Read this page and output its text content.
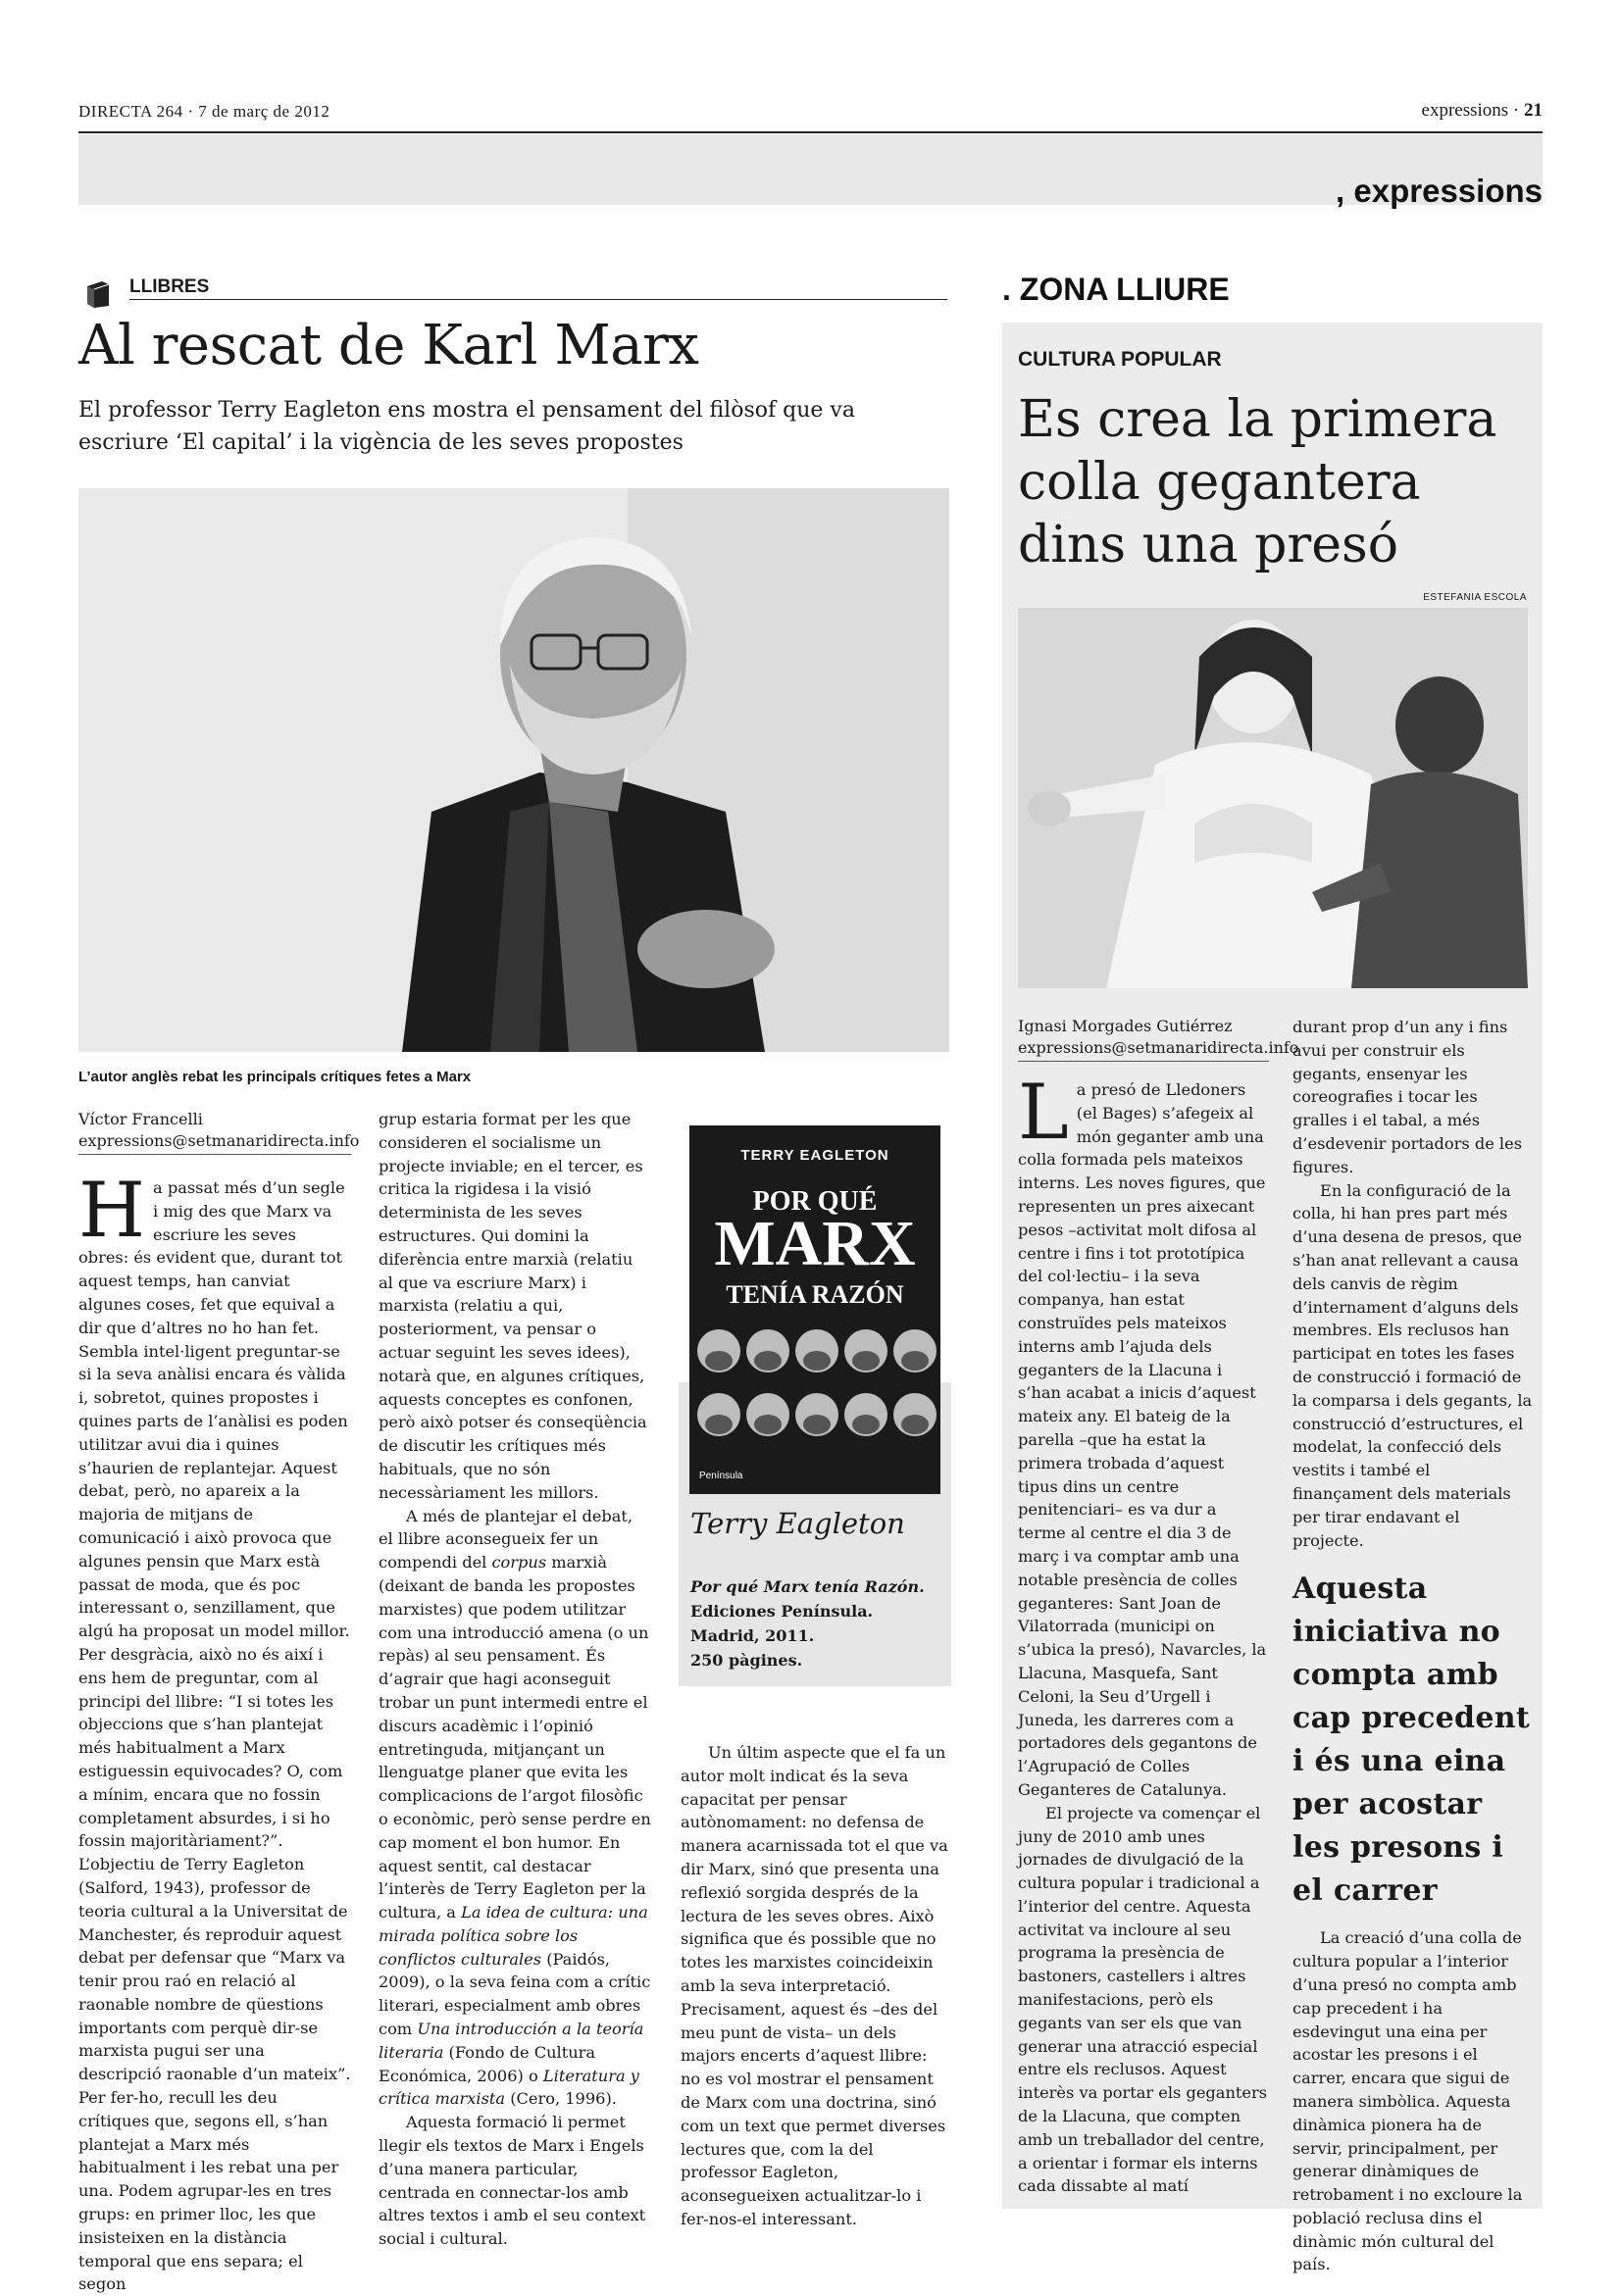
DIRECTA 264 · 7 de març de 2012	expressions · 21
, expressions
LLIBRES
Al rescat de Karl Marx
El professor Terry Eagleton ens mostra el pensament del filòsof que va escriure ‘El capital’ i la vigència de les seves propostes
L’autor anglès rebat les principals crítiques fetes a Marx
Víctor Francelli
expressions@setmanaridirecta.info

Ha passat més d’un segle i mig des que Marx va escriure les seves obres: és evident que, durant tot aquest temps, han canviat algunes coses, fet que equival a dir que d’altres no ho han fet. Sembla intel·ligent preguntar-se si la seva anàlisi encara és vàlida i, sobretot, quines propostes i quines parts de l’anàlisi es poden utilitzar avui dia i quines s’haurien de replantejar. Aquest debat, però, no apareix a la majoria de mitjans de comunicació i això provoca que algunes pensin que Marx està passat de moda, que és poc interessant o, senzillament, que algú ha proposat un model millor. Per desgràcia, això no és així i ens hem de preguntar, com al principi del llibre: “I si totes les objeccions que s’han plantejat més habitualment a Marx estiguessin equivocades? O, com a mínim, encara que no fossin completament absurdes, i si ho fossin majoritàriament?”. L’objectiu de Terry Eagleton (Salford, 1943), professor de teoria cultural a la Universitat de Manchester, és reproduir aquest debat per defensar que “Marx va tenir prou raó en relació al raonable nombre de qüestions importants com perquè dir-se marxista pugui ser una descripció raonable d’un mateix”. Per fer-ho, recull les deu crítiques que, segons ell, s’han plantejat a Marx més habitualment i les rebat una per una. Podem agrupar-les en tres grups: en primer lloc, les que insisteixen en la distància temporal que ens separa; el segon

grup estaria format per les que consideren el socialisme un projecte inviable; en el tercer, es critica la rigidesa i la visió determinista de les seves estructures. Qui domini la diferència entre marxià (relatiu al que va escriure Marx) i marxista (relatiu a qui, posteriorment, va pensar o actuar seguint les seves idees), notarà que, en algunes crítiques, aquests conceptes es confonen, però això potser és conseqüència de discutir les crítiques més habituals, que no són necessàriament les millors.

A més de plantejar el debat, el llibre aconsegueix fer un compendi del corpus marxià (deixant de banda les propostes marxistes) que podem utilitzar com una introducció amena (o un repàs) al seu pensament. És d’agrair que hagi aconseguit trobar un punt intermedi entre el discurs acadèmic i l’opinió entretinguda, mitjançant un llenguatge planer que evita les complicacions de l’argot filosòfic o econòmic, però sense perdre en cap moment el bon humor. En aquest sentit, cal destacar l’interès de Terry Eagleton per la cultura, a La idea de cultura: una mirada política sobre los conflictos culturales (Paidós, 2009), o la seva feina com a crític literari, especialment amb obres com Una introducción a la teoría literaria (Fondo de Cultura Económica, 2006) o Literatura y crítica marxista (Cero, 1996).

Aquesta formació li permet llegir els textos de Marx i Engels d’una manera particular, centrada en connectar-los amb altres textos i amb el seu context social i cultural.

TERRY EAGLETON
POR QUÉ
MARX
TENÍA RAZÓN
Península
Terry Eagleton
Por qué Marx tenía Razón.
Ediciones Península.
Madrid, 2011.
250 pàgines.

Un últim aspecte que el fa un autor molt indicat és la seva capacitat per pensar autònomament: no defensa de manera acarnissada tot el que va dir Marx, sinó que presenta una reflexió sorgida després de la lectura de les seves obres. Això significa que és possible que no totes les marxistes coincideixin amb la seva interpretació. Precisament, aquest és –des del meu punt de vista– un dels majors encerts d’aquest llibre: no es vol mostrar el pensament de Marx com una doctrina, sinó com un text que permet diverses lectures que, com la del professor Eagleton, aconsegueixen actualitzar-lo i fer-nos-el interessant.

. ZONA LLIURE
CULTURA POPULAR
Es crea la primera colla gegantera dins una presó
ESTEFANIA ESCOLA
Ignasi Morgades Gutiérrez
expressions@setmanaridirecta.info

La presó de Lledoners (el Bages) s’afegeix al món geganter amb una colla formada pels mateixos interns. Les noves figures, que representen un pres aixecant pesos –activitat molt difosa al centre i fins i tot prototípica del col·lectiu– i la seva companya, han estat construïdes pels mateixos interns amb l’ajuda dels geganters de la Llacuna i s’han acabat a inicis d’aquest mateix any. El bateig de la parella –que ha estat la primera trobada d’aquest tipus dins un centre penitenciari– es va dur a terme al centre el dia 3 de març i va comptar amb una notable presència de colles geganteres: Sant Joan de Vilatorrada (municipi on s’ubica la presó), Navarcles, la Llacuna, Masquefa, Sant Celoni, la Seu d’Urgell i Juneda, les darreres com a portadores dels gegantons de l’Agrupació de Colles Geganteres de Catalunya.

El projecte va començar el juny de 2010 amb unes jornades de divulgació de la cultura popular i tradicional a l’interior del centre. Aquesta activitat va incloure al seu programa la presència de bastoners, castellers i altres manifestacions, però els gegants van ser els que van generar una atracció especial entre els reclusos. Aquest interès va portar els geganters de la Llacuna, que compten amb un treballador del centre, a orientar i formar els interns cada dissabte al matí

durant prop d’un any i fins avui per construir els gegants, ensenyar les coreografies i tocar les gralles i el tabal, a més d’esdevenir portadors de les figures.

En la configuració de la colla, hi han pres part més d’una desena de presos, que s’han anat rellevant a causa dels canvis de règim d’internament d’alguns dels membres. Els reclusos han participat en totes les fases de construcció i formació de la comparsa i dels gegants, la construcció d’estructures, el modelat, la confecció dels vestits i també el finançament dels materials per tirar endavant el projecte.

Aquesta iniciativa no compta amb cap precedent i és una eina per acostar les presons i el carrer

La creació d’una colla de cultura popular a l’interior d’una presó no compta amb cap precedent i ha esdevingut una eina per acostar les presons i el carrer, encara que sigui de manera simbòlica. Aquesta dinàmica pionera ha de servir, principalment, per generar dinàmiques de retrobament i no excloure la població reclusa dins el dinàmic món cultural del país.
